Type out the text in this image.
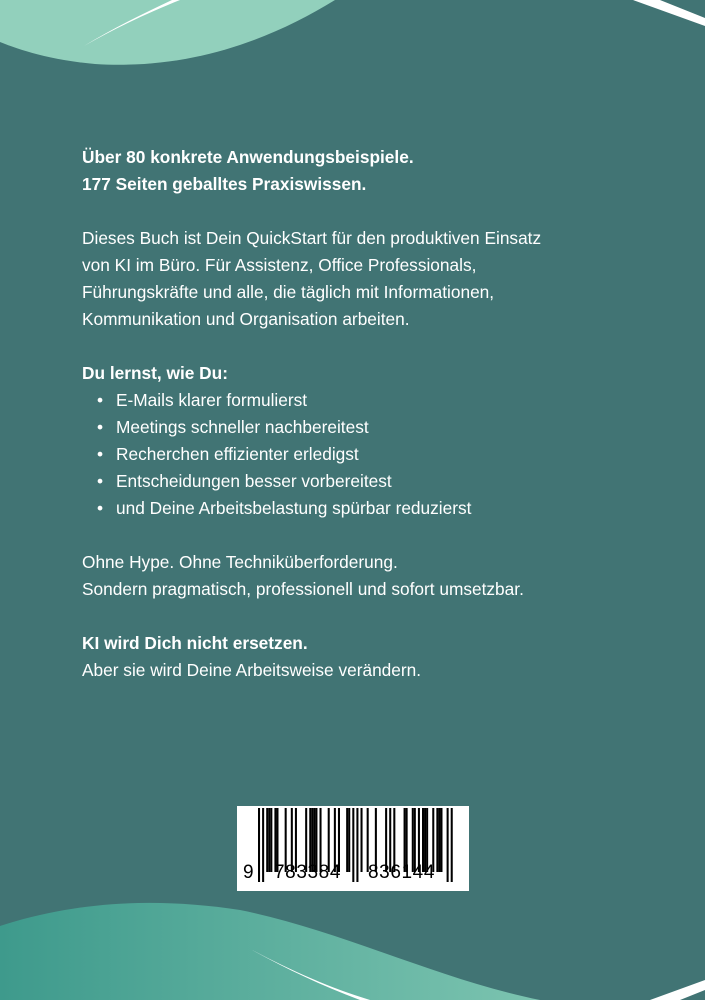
Über 80 konkrete Anwendungsbeispiele.
177 Seiten geballtes Praxiswissen.

Dieses Buch ist Dein QuickStart für den produktiven Einsatz
von KI im Büro. Für Assistenz, Office Professionals,
Führungskräfte und alle, die täglich mit Informationen,
Kommunikation und Organisation arbeiten.

Du lernst, wie Du:
• E-Mails klarer formulierst
• Meetings schneller nachbereitest
• Recherchen effizienter erledigst
• Entscheidungen besser vorbereitest
• und Deine Arbeitsbelastung spürbar reduzierst

Ohne Hype. Ohne Techniküberforderung.
Sondern pragmatisch, professionell und sofort umsetzbar.

KI wird Dich nicht ersetzen.
Aber sie wird Deine Arbeitsweise verändern.

9 783384 836144
